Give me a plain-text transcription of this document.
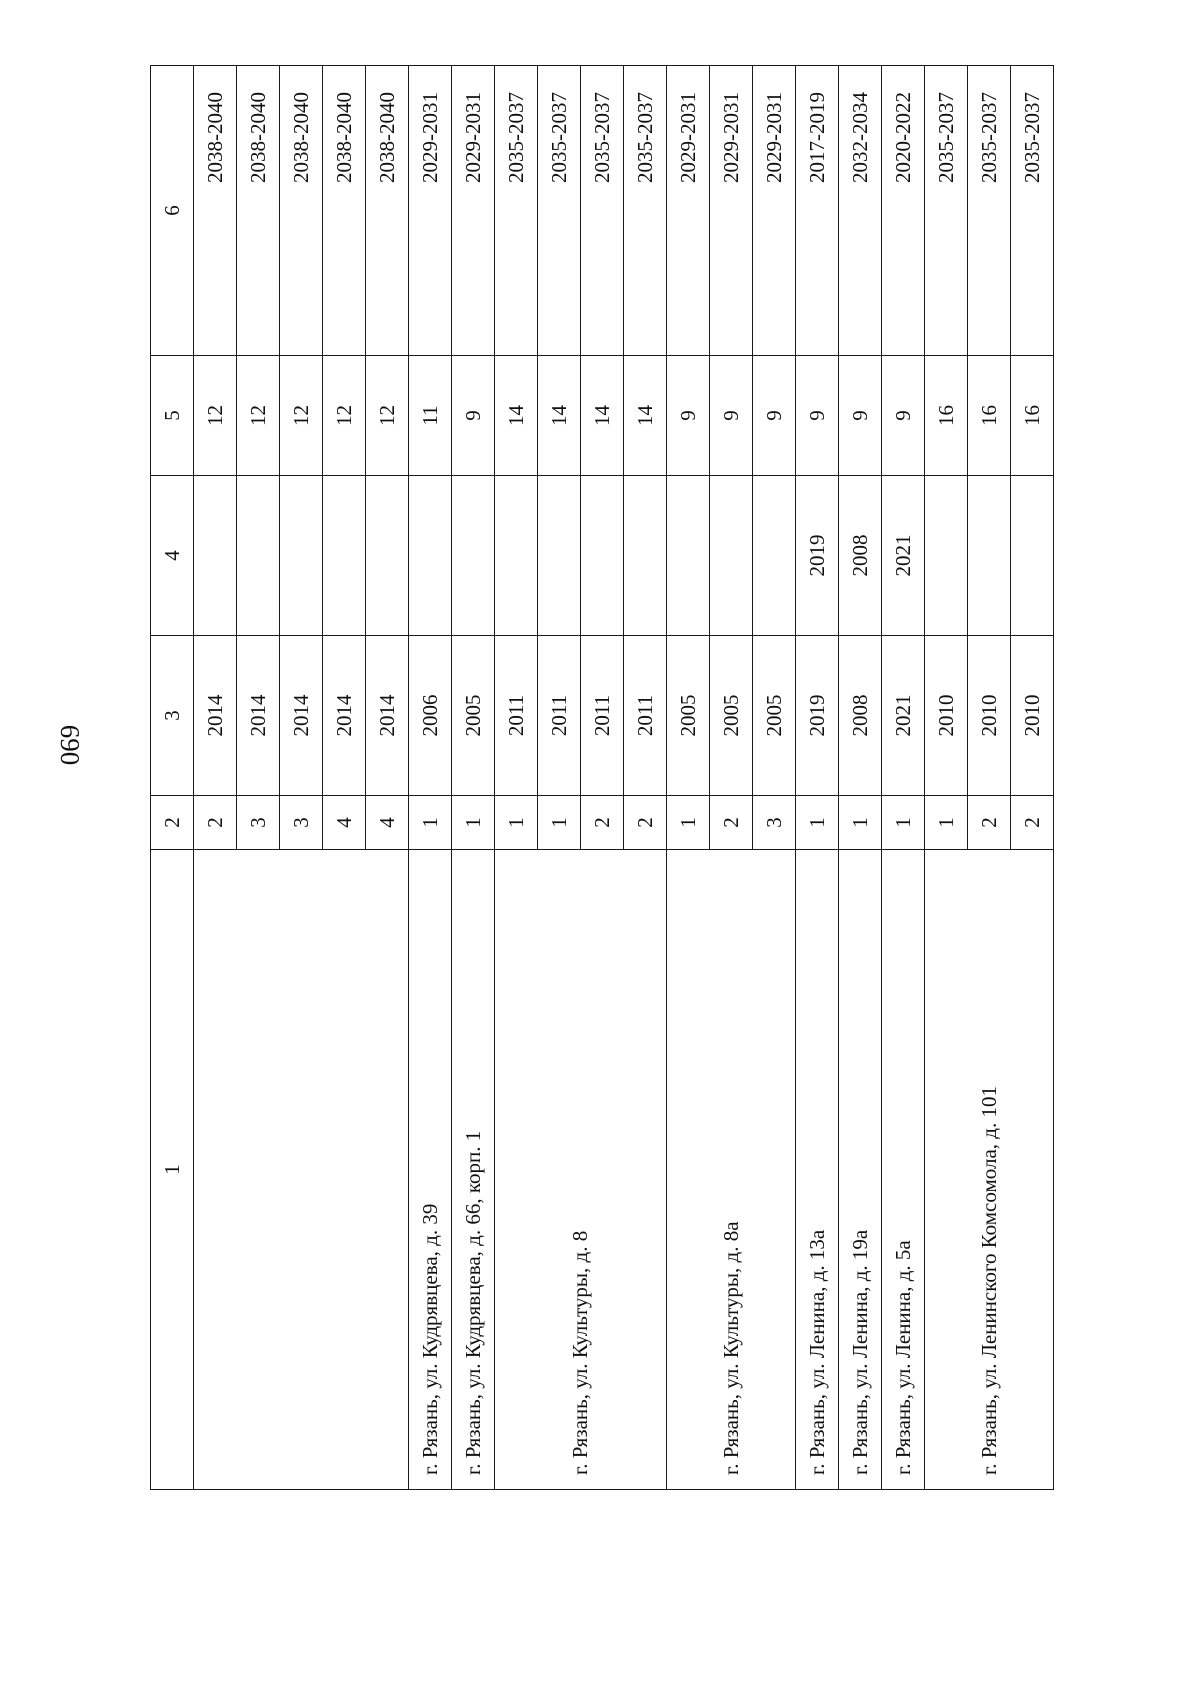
690
1	2	3	4	5	6
	2	2014		12	2038-2040
	3	2014		12	2038-2040
	3	2014		12	2038-2040
	4	2014		12	2038-2040
	4	2014		12	2038-2040
г. Рязань, ул. Кудрявцева, д. 39	1	2006		11	2029-2031
г. Рязань, ул. Кудрявцева, д. 66, корп. 1	1	2005		9	2029-2031
г. Рязань, ул. Культуры, д. 8	1	2011		14	2035-2037
	1	2011		14	2035-2037
	2	2011		14	2035-2037
	2	2011		14	2035-2037
г. Рязань, ул. Культуры, д. 8а	1	2005		9	2029-2031
	2	2005		9	2029-2031
	3	2005		9	2029-2031
г. Рязань, ул. Ленина, д. 13а	1	2019	2019	9	2017-2019
г. Рязань, ул. Ленина, д. 19а	1	2008	2008	9	2032-2034
г. Рязань, ул. Ленина, д. 5а	1	2021	2021	9	2020-2022
г. Рязань, ул. Ленинского Комсомола, д. 101	1	2010		16	2035-2037
	2	2010		16	2035-2037
	2	2010		16	2035-2037
